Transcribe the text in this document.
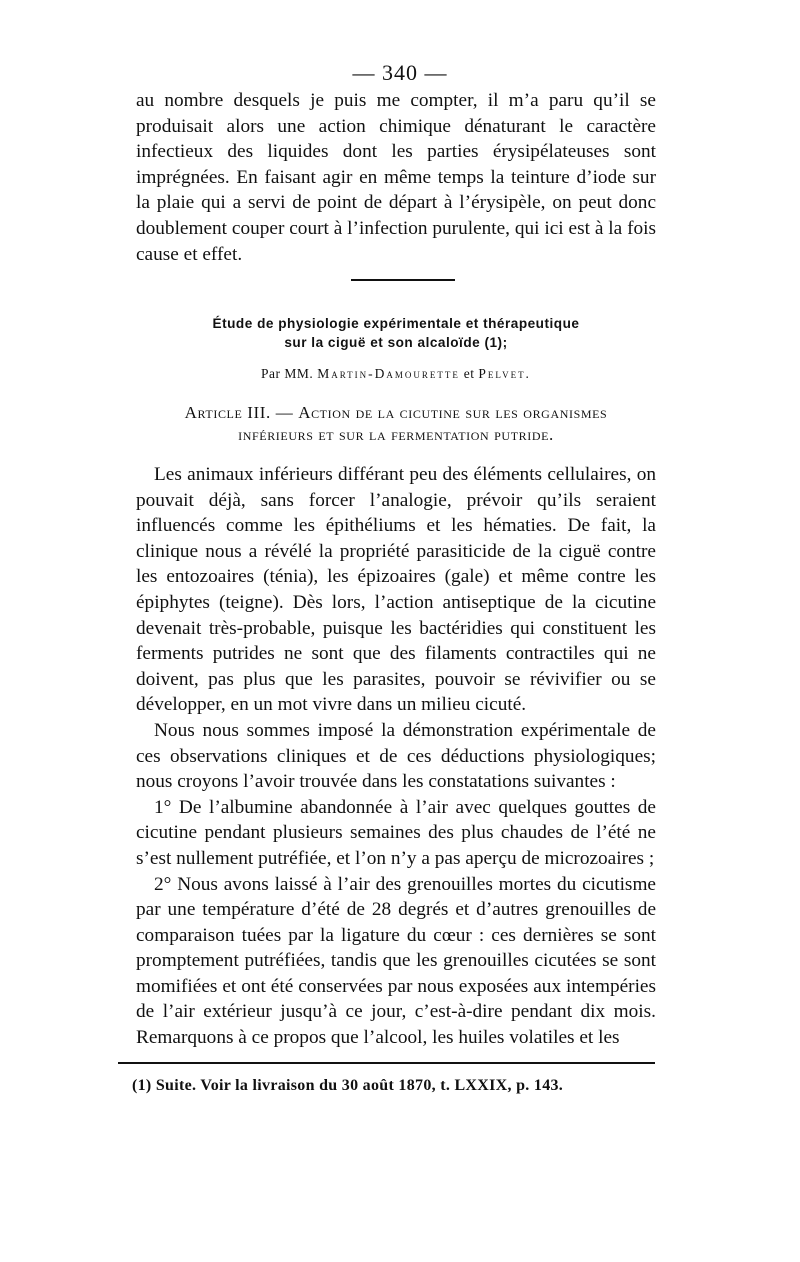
— 340 —

au nombre desquels je puis me compter, il m’a paru qu’il se produisait alors une action chimique dénaturant le caractère infectieux des liquides dont les parties érysipélateuses sont imprégnées. En faisant agir en même temps la teinture d’iode sur la plaie qui a servi de point de départ à l’érysipèle, on peut donc doublement couper court à l’infection purulente, qui ici est à la fois cause et effet.

Étude de physiologie expérimentale et thérapeutique
sur la ciguë et son alcaloïde (1);
Par MM. Martin-Damourette et Pelvet.
Article III. — Action de la cicutine sur les organismes
inférieurs et sur la fermentation putride.

Les animaux inférieurs différant peu des éléments cellulaires, on pouvait déjà, sans forcer l’analogie, prévoir qu’ils seraient influencés comme les épithéliums et les hématies. De fait, la clinique nous a révélé la propriété parasiticide de la ciguë contre les entozoaires (ténia), les épizoaires (gale) et même contre les épiphytes (teigne). Dès lors, l’action antiseptique de la cicutine devenait très-probable, puisque les bactéridies qui constituent les ferments putrides ne sont que des filaments contractiles qui ne doivent, pas plus que les parasites, pouvoir se révivifier ou se développer, en un mot vivre dans un milieu cicuté.

Nous nous sommes imposé la démonstration expérimentale de ces observations cliniques et de ces déductions physiologiques; nous croyons l’avoir trouvée dans les constatations suivantes :

1° De l’albumine abandonnée à l’air avec quelques gouttes de cicutine pendant plusieurs semaines des plus chaudes de l’été ne s’est nullement putréfiée, et l’on n’y a pas aperçu de microzoaires ;

2° Nous avons laissé à l’air des grenouilles mortes du cicutisme par une température d’été de 28 degrés et d’autres grenouilles de comparaison tuées par la ligature du cœur : ces dernières se sont promptement putréfiées, tandis que les grenouilles cicutées se sont momifiées et ont été conservées par nous exposées aux intempéries de l’air extérieur jusqu’à ce jour, c’est-à-dire pendant dix mois. Remarquons à ce propos que l’alcool, les huiles volatiles et les

(1) Suite. Voir la livraison du 30 août 1870, t. LXXIX, p. 143.
